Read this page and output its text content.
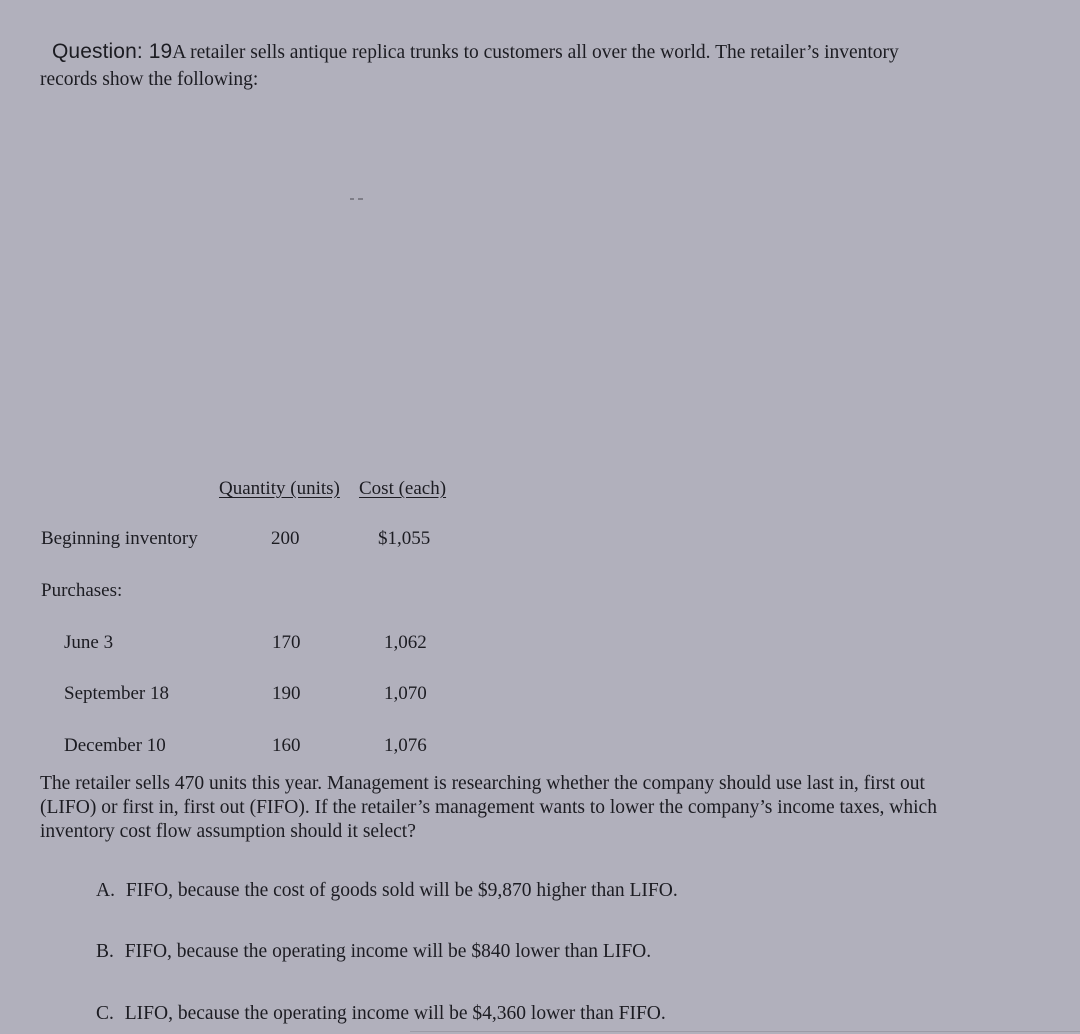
Question: 19A retailer sells antique replica trunks to customers all over the world. The retailer’s inventory
records show the following:
Quantity (units) Cost (each)
Beginning inventory	200	$1,055
Purchases:
June 3	170	1,062
September 18	190	1,070
December 10	160	1,076
The retailer sells 470 units this year. Management is researching whether the company should use last in, first out
(LIFO) or first in, first out (FIFO). If the retailer’s management wants to lower the company’s income taxes, which
inventory cost flow assumption should it select?
A. FIFO, because the cost of goods sold will be $9,870 higher than LIFO.
B. FIFO, because the operating income will be $840 lower than LIFO.
C. LIFO, because the operating income will be $4,360 lower than FIFO.
